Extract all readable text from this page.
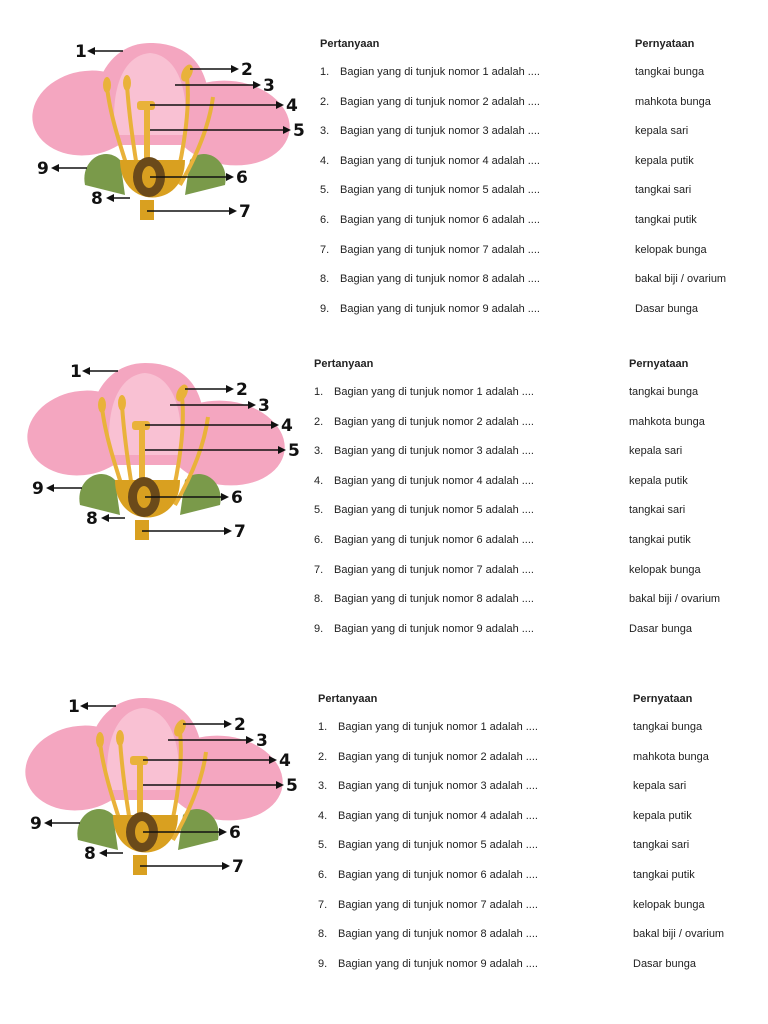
1
2
3
4
5
6
7
8
9
Pertanyaan	Pernyataan
1. Bagian yang di tunjuk nomor 1 adalah ....	tangkai bunga
2. Bagian yang di tunjuk nomor 2 adalah ....	mahkota bunga
3. Bagian yang di tunjuk nomor 3 adalah ....	kepala sari
4. Bagian yang di tunjuk nomor 4 adalah ....	kepala putik
5. Bagian yang di tunjuk nomor 5 adalah ....	tangkai sari
6. Bagian yang di tunjuk nomor 6 adalah ....	tangkai putik
7. Bagian yang di tunjuk nomor 7 adalah ....	kelopak bunga
8. Bagian yang di tunjuk nomor 8 adalah ....	bakal biji / ovarium
9. Bagian yang di tunjuk nomor 9 adalah ....	Dasar bunga
1
2
3
4
5
6
7
8
9
Pertanyaan	Pernyataan
1. Bagian yang di tunjuk nomor 1 adalah ....	tangkai bunga
2. Bagian yang di tunjuk nomor 2 adalah ....	mahkota bunga
3. Bagian yang di tunjuk nomor 3 adalah ....	kepala sari
4. Bagian yang di tunjuk nomor 4 adalah ....	kepala putik
5. Bagian yang di tunjuk nomor 5 adalah ....	tangkai sari
6. Bagian yang di tunjuk nomor 6 adalah ....	tangkai putik
7. Bagian yang di tunjuk nomor 7 adalah ....	kelopak bunga
8. Bagian yang di tunjuk nomor 8 adalah ....	bakal biji / ovarium
9. Bagian yang di tunjuk nomor 9 adalah ....	Dasar bunga
1
2
3
4
5
6
7
8
9
Pertanyaan	Pernyataan
1. Bagian yang di tunjuk nomor 1 adalah ....	tangkai bunga
2. Bagian yang di tunjuk nomor 2 adalah ....	mahkota bunga
3. Bagian yang di tunjuk nomor 3 adalah ....	kepala sari
4. Bagian yang di tunjuk nomor 4 adalah ....	kepala putik
5. Bagian yang di tunjuk nomor 5 adalah ....	tangkai sari
6. Bagian yang di tunjuk nomor 6 adalah ....	tangkai putik
7. Bagian yang di tunjuk nomor 7 adalah ....	kelopak bunga
8. Bagian yang di tunjuk nomor 8 adalah ....	bakal biji / ovarium
9. Bagian yang di tunjuk nomor 9 adalah ....	Dasar bunga
